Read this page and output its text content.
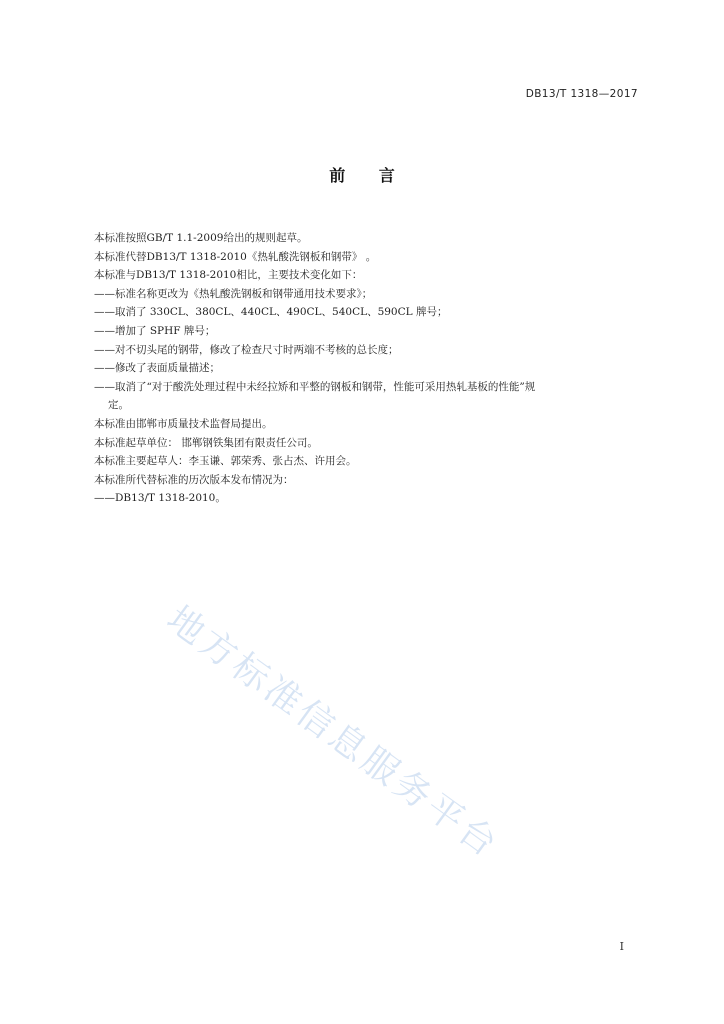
DB13/T 1318—2017
前 言
本标准按照GB/T 1.1-2009给出的规则起草。
本标准代替DB13/T 1318-2010《热轧酸洗钢板和钢带》 。
本标准与DB13/T 1318-2010相比，主要技术变化如下：
——标准名称更改为《热轧酸洗钢板和钢带通用技术要求》；
——取消了 330CL、380CL、440CL、490CL、540CL、590CL 牌号；
——增加了 SPHF 牌号；
——对不切头尾的钢带，修改了检查尺寸时两端不考核的总长度；
——修改了表面质量描述；
——取消了“对于酸洗处理过程中未经拉矫和平整的钢板和钢带，性能可采用热轧基板的性能”规
定。
本标准由邯郸市质量技术监督局提出。
本标准起草单位： 邯郸钢铁集团有限责任公司。
本标准主要起草人：李玉谦、郭荣秀、张占杰、许用会。
本标准所代替标准的历次版本发布情况为：
——DB13/T 1318-2010。
地方标准信息服务平台
I
